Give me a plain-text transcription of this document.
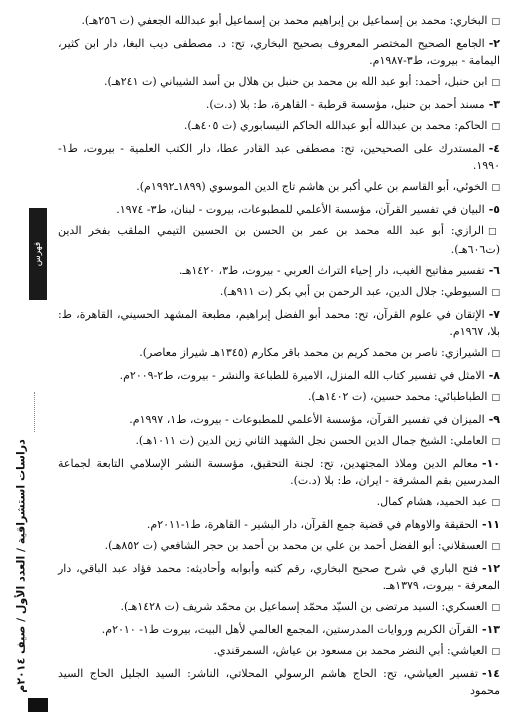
فهرس
دراسات استشراقية / العدد الأول / صيف ٢٠١٤م
□البخاري: محمد بن إسماعيل بن إبراهيم محمد بن إسماعيل أبو عبدالله الجعفي (ت ٢٥٦هـ).
٢-الجامع الصحيح المختصر المعروف بصحيح البخاري، تح: د. مصطفى ديب البغا، دار ابن كثير، اليمامة - بيروت، ط٣-١٩٨٧م.
□ابن حنبل، أحمد: أبو عبد الله بن محمد بن حنبل بن هلال بن أسد الشيباني (ت ٢٤١هـ).
٣-مسند أحمد بن حنبل، مؤسسة قرطبة - القاهرة، ط: بلا (د.ت).
□الحاكم: محمد بن عبدالله أبو عبدالله الحاكم النيسابوري (ت ٤٠٥هـ).
٤-المستدرك على الصحيحين، تح: مصطفى عبد القادر عطا، دار الكتب العلمية - بيروت، ط١- ١٩٩٠.
□الخوئي، أبو القاسم بن علي أكبر بن هاشم تاج الدين الموسوي (١٨٩٩ـ١٩٩٢م).
٥-البيان في تفسير القرآن، مؤسسة الأعلمي للمطبوعات، بيروت - لبنان، ط٣- ١٩٧٤.
□الرازي: أبو عبد الله محمد بن عمر بن الحسن بن الحسين التيمي الملقب بفخر الدين (ت٦٠٦هـ).
٦-تفسير مفاتيح الغيب، دار إحياء التراث العربي - بيروت، ط٣، ١٤٢٠هـ.
□السيوطي: جلال الدين، عبد الرحمن بن أبي بكر (ت ٩١١هـ).
٧-الإتقان في علوم القرآن، تح: محمد أبو الفضل إبراهيم، مطبعة المشهد الحسيني، القاهرة، ط: بلا، ١٩٦٧م.
□الشيرازي: ناصر بن محمد كريم بن محمد باقر مكارم (١٣٤٥هـ شيراز معاصر).
٨-الامثل في تفسير كتاب الله المنزل، الاميرة للطباعة والنشر - بيروت، ط٢-٢٠٠٩م.
□الطباطبائي: محمد حسين، (ت ١٤٠٢هـ).
٩-الميزان في تفسير القرآن، مؤسسة الأعلمي للمطبوعات - بيروت، ط١، ١٩٩٧م.
□العاملي: الشيخ جمال الدين الحسن نجل الشهيد الثاني زين الدين (ت ١٠١١هـ).
١٠-معالم الدين وملاذ المجتهدين، تح: لجنة التحقيق، مؤسسة النشر الإسلامي التابعة لجماعة المدرسين بقم المشرفة - ايران، ط: بلا (د.ت).
□عبد الحميد، هشام كمال.
١١-الحقيقة والاوهام في قضية جمع القرآن، دار البشير - القاهرة، ط١-٢٠١١م.
□العسقلاني: أبو الفضل أحمد بن علي بن محمد بن أحمد بن حجر الشافعي (ت ٨٥٢هـ).
١٢-فتح الباري في شرح صحيح البخاري، رقم كتبه وأبوابه وأحاديثه: محمد فؤاد عبد الباقي، دار المعرفة - بيروت، ١٣٧٩هـ.
□العسكري: السيد مرتضى بن السيّد محمّد إسماعيل بن محمّد شريف (ت ١٤٢٨هـ).
١٣-القرآن الكريم وروايات المدرستين، المجمع العالمي لأهل البيت، بيروت ط١- ٢٠١٠م.
□العياشي: أبي النضر محمد بن مسعود بن عياش، السمرقندي.
١٤-تفسير العياشي، تح: الحاج هاشم الرسولي المحلاتي، الناشر: السيد الجليل الحاج السيد محمود
